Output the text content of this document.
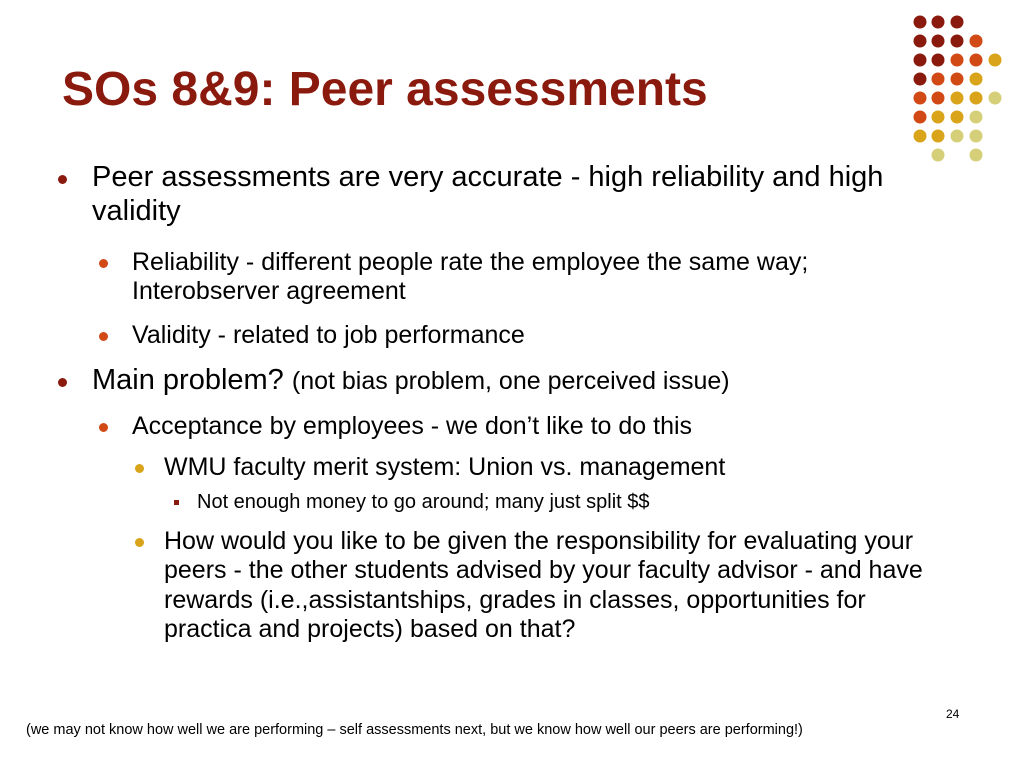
SOs 8&9: Peer assessments
Peer assessments are very accurate - high reliability and high validity
Reliability - different people rate the employee the same way; Interobserver agreement
Validity - related to job performance
Main problem? (not bias problem, one perceived issue)
Acceptance by employees - we don’t like to do this
WMU faculty merit system: Union vs. management
Not enough money to go around; many just split $$
How would you like to be given the responsibility for evaluating your peers - the other students advised by your faculty advisor - and have rewards (i.e.,assistantships, grades in classes, opportunities for practica and projects) based on that?
24
(we may not know how well we are performing – self assessments next, but we know how well our peers are performing!)
